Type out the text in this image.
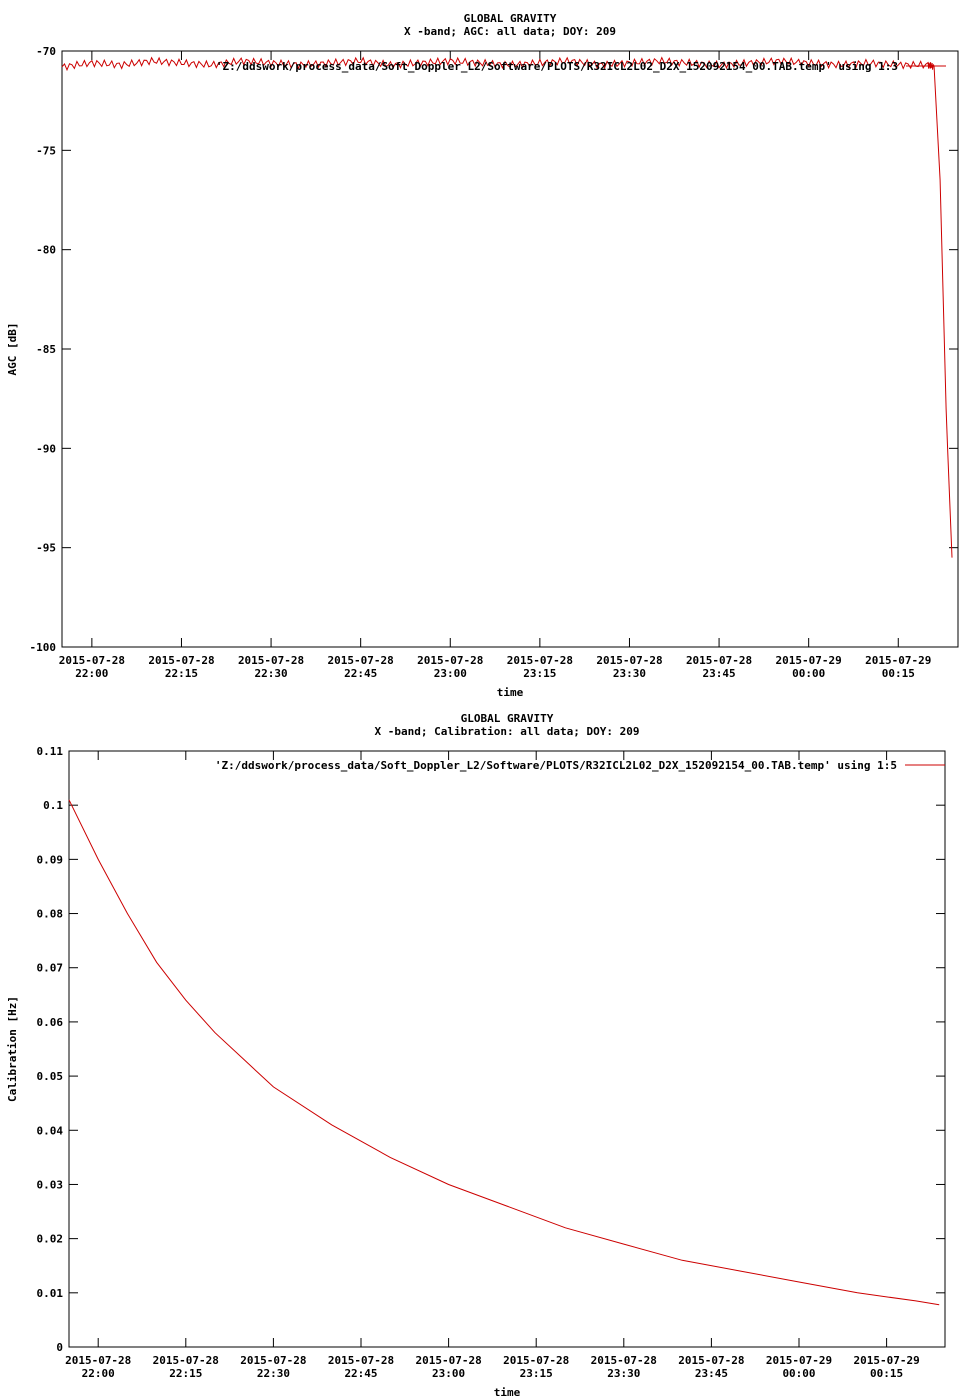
GLOBAL GRAVITY
X -band; AGC: all data; DOY: 209
-70
-75
-80
-85
-90
-95
-100
2015-07-28
22:00
2015-07-28
22:15
2015-07-28
22:30
2015-07-28
22:45
2015-07-28
23:00
2015-07-28
23:15
2015-07-28
23:30
2015-07-28
23:45
2015-07-29
00:00
2015-07-29
00:15
time
AGC [dB]
'Z:/ddswork/process_data/Soft_Doppler_L2/Software/PLOTS/R32ICL2L02_D2X_152092154_00.TAB.temp' using 1:3
GLOBAL GRAVITY
X -band; Calibration: all data; DOY: 209
0.11
0.1
0.09
0.08
0.07
0.06
0.05
0.04
0.03
0.02
0.01
0
2015-07-28
22:00
2015-07-28
22:15
2015-07-28
22:30
2015-07-28
22:45
2015-07-28
23:00
2015-07-28
23:15
2015-07-28
23:30
2015-07-28
23:45
2015-07-29
00:00
2015-07-29
00:15
time
Calibration [Hz]
'Z:/ddswork/process_data/Soft_Doppler_L2/Software/PLOTS/R32ICL2L02_D2X_152092154_00.TAB.temp' using 1:5
